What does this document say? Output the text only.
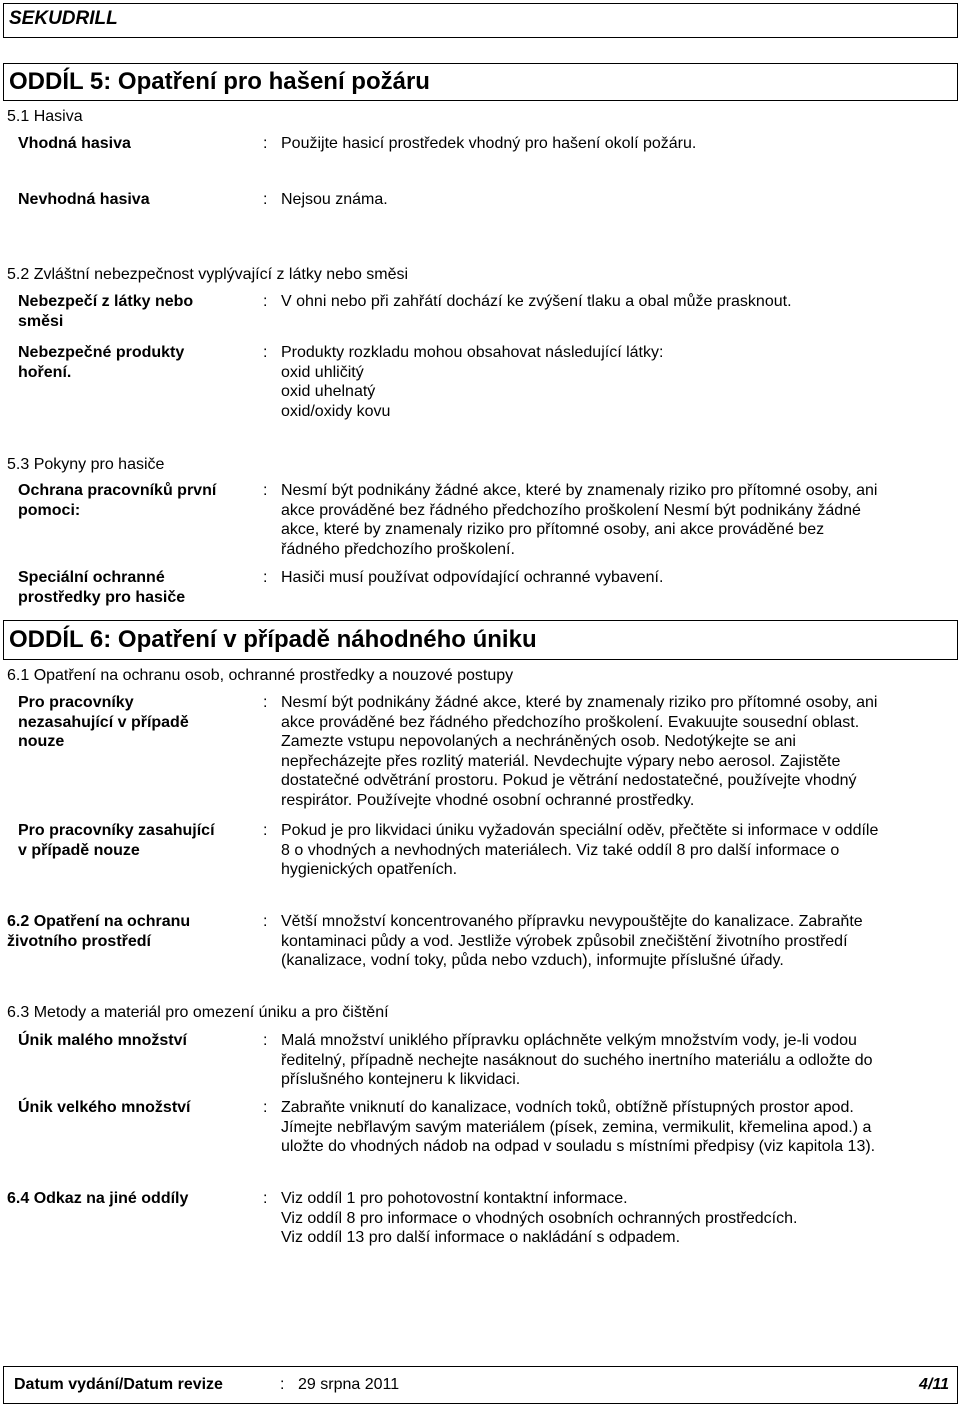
SEKUDRILL
ODDÍL 5: Opatření pro hašení požáru
5.1 Hasiva
Vhodná hasiva	: Použijte hasicí prostředek vhodný pro hašení okolí požáru.
Nevhodná hasiva	: Nejsou známa.
5.2 Zvláštní nebezpečnost vyplývající z látky nebo směsi
Nebezpečí z látky nebo
směsi
: V ohni nebo při zahřátí dochází ke zvýšení tlaku a obal může prasknout.
Nebezpečné produkty
hoření.
: Produkty rozkladu mohou obsahovat následující látky:
oxid uhličitý
oxid uhelnatý
oxid/oxidy kovu
5.3 Pokyny pro hasiče
Ochrana pracovníků první
pomoci:
: Nesmí být podnikány žádné akce, které by znamenaly riziko pro přítomné osoby, ani
akce prováděné bez řádného předchozího proškolení Nesmí být podnikány žádné
akce, které by znamenaly riziko pro přítomné osoby, ani akce prováděné bez
řádného předchozího proškolení.
Speciální ochranné
prostředky pro hasiče
: Hasiči musí používat odpovídající ochranné vybavení.
ODDÍL 6: Opatření v případě náhodného úniku
6.1 Opatření na ochranu osob, ochranné prostředky a nouzové postupy
Pro pracovníky
nezasahující v případě
nouze
: Nesmí být podnikány žádné akce, které by znamenaly riziko pro přítomné osoby, ani
akce prováděné bez řádného předchozího proškolení. Evakuujte sousední oblast.
Zamezte vstupu nepovolaných a nechráněných osob. Nedotýkejte se ani
nepřecházejte přes rozlitý materiál. Nevdechujte výpary nebo aerosol. Zajistěte
dostatečné odvětrání prostoru. Pokud je větrání nedostatečné, používejte vhodný
respirátor. Používejte vhodné osobní ochranné prostředky.
Pro pracovníky zasahující
v případě nouze
: Pokud je pro likvidaci úniku vyžadován speciální oděv, přečtěte si informace v oddíle
8 o vhodných a nevhodných materiálech. Viz také oddíl 8 pro další informace o
hygienických opatřeních.
6.2 Opatření na ochranu
životního prostředí
: Větší množství koncentrovaného přípravku nevypouštějte do kanalizace. Zabraňte
kontaminaci půdy a vod. Jestliže výrobek způsobil znečištění životního prostředí
(kanalizace, vodní toky, půda nebo vzduch), informujte příslušné úřady.
6.3 Metody a materiál pro omezení úniku a pro čištění
Únik malého množství	: Malá množství uniklého přípravku opláchněte velkým množstvím vody, je-li vodou
ředitelný, případně nechejte nasáknout do suchého inertního materiálu a odložte do
příslušného kontejneru k likvidaci.
Únik velkého množství	: Zabraňte vniknutí do kanalizace, vodních toků, obtížně přístupných prostor apod.
Jímejte nebřlavým savým materiálem (písek, zemina, vermikulit, křemelina apod.) a
uložte do vhodných nádob na odpad v souladu s místními předpisy (viz kapitola 13).
6.4 Odkaz na jiné oddíly	: Viz oddíl 1 pro pohotovostní kontaktní informace.
Viz oddíl 8 pro informace o vhodných osobních ochranných prostředcích.
Viz oddíl 13 pro další informace o nakládání s odpadem.
Datum vydání/Datum revize	: 29 srpna 2011	4/11
